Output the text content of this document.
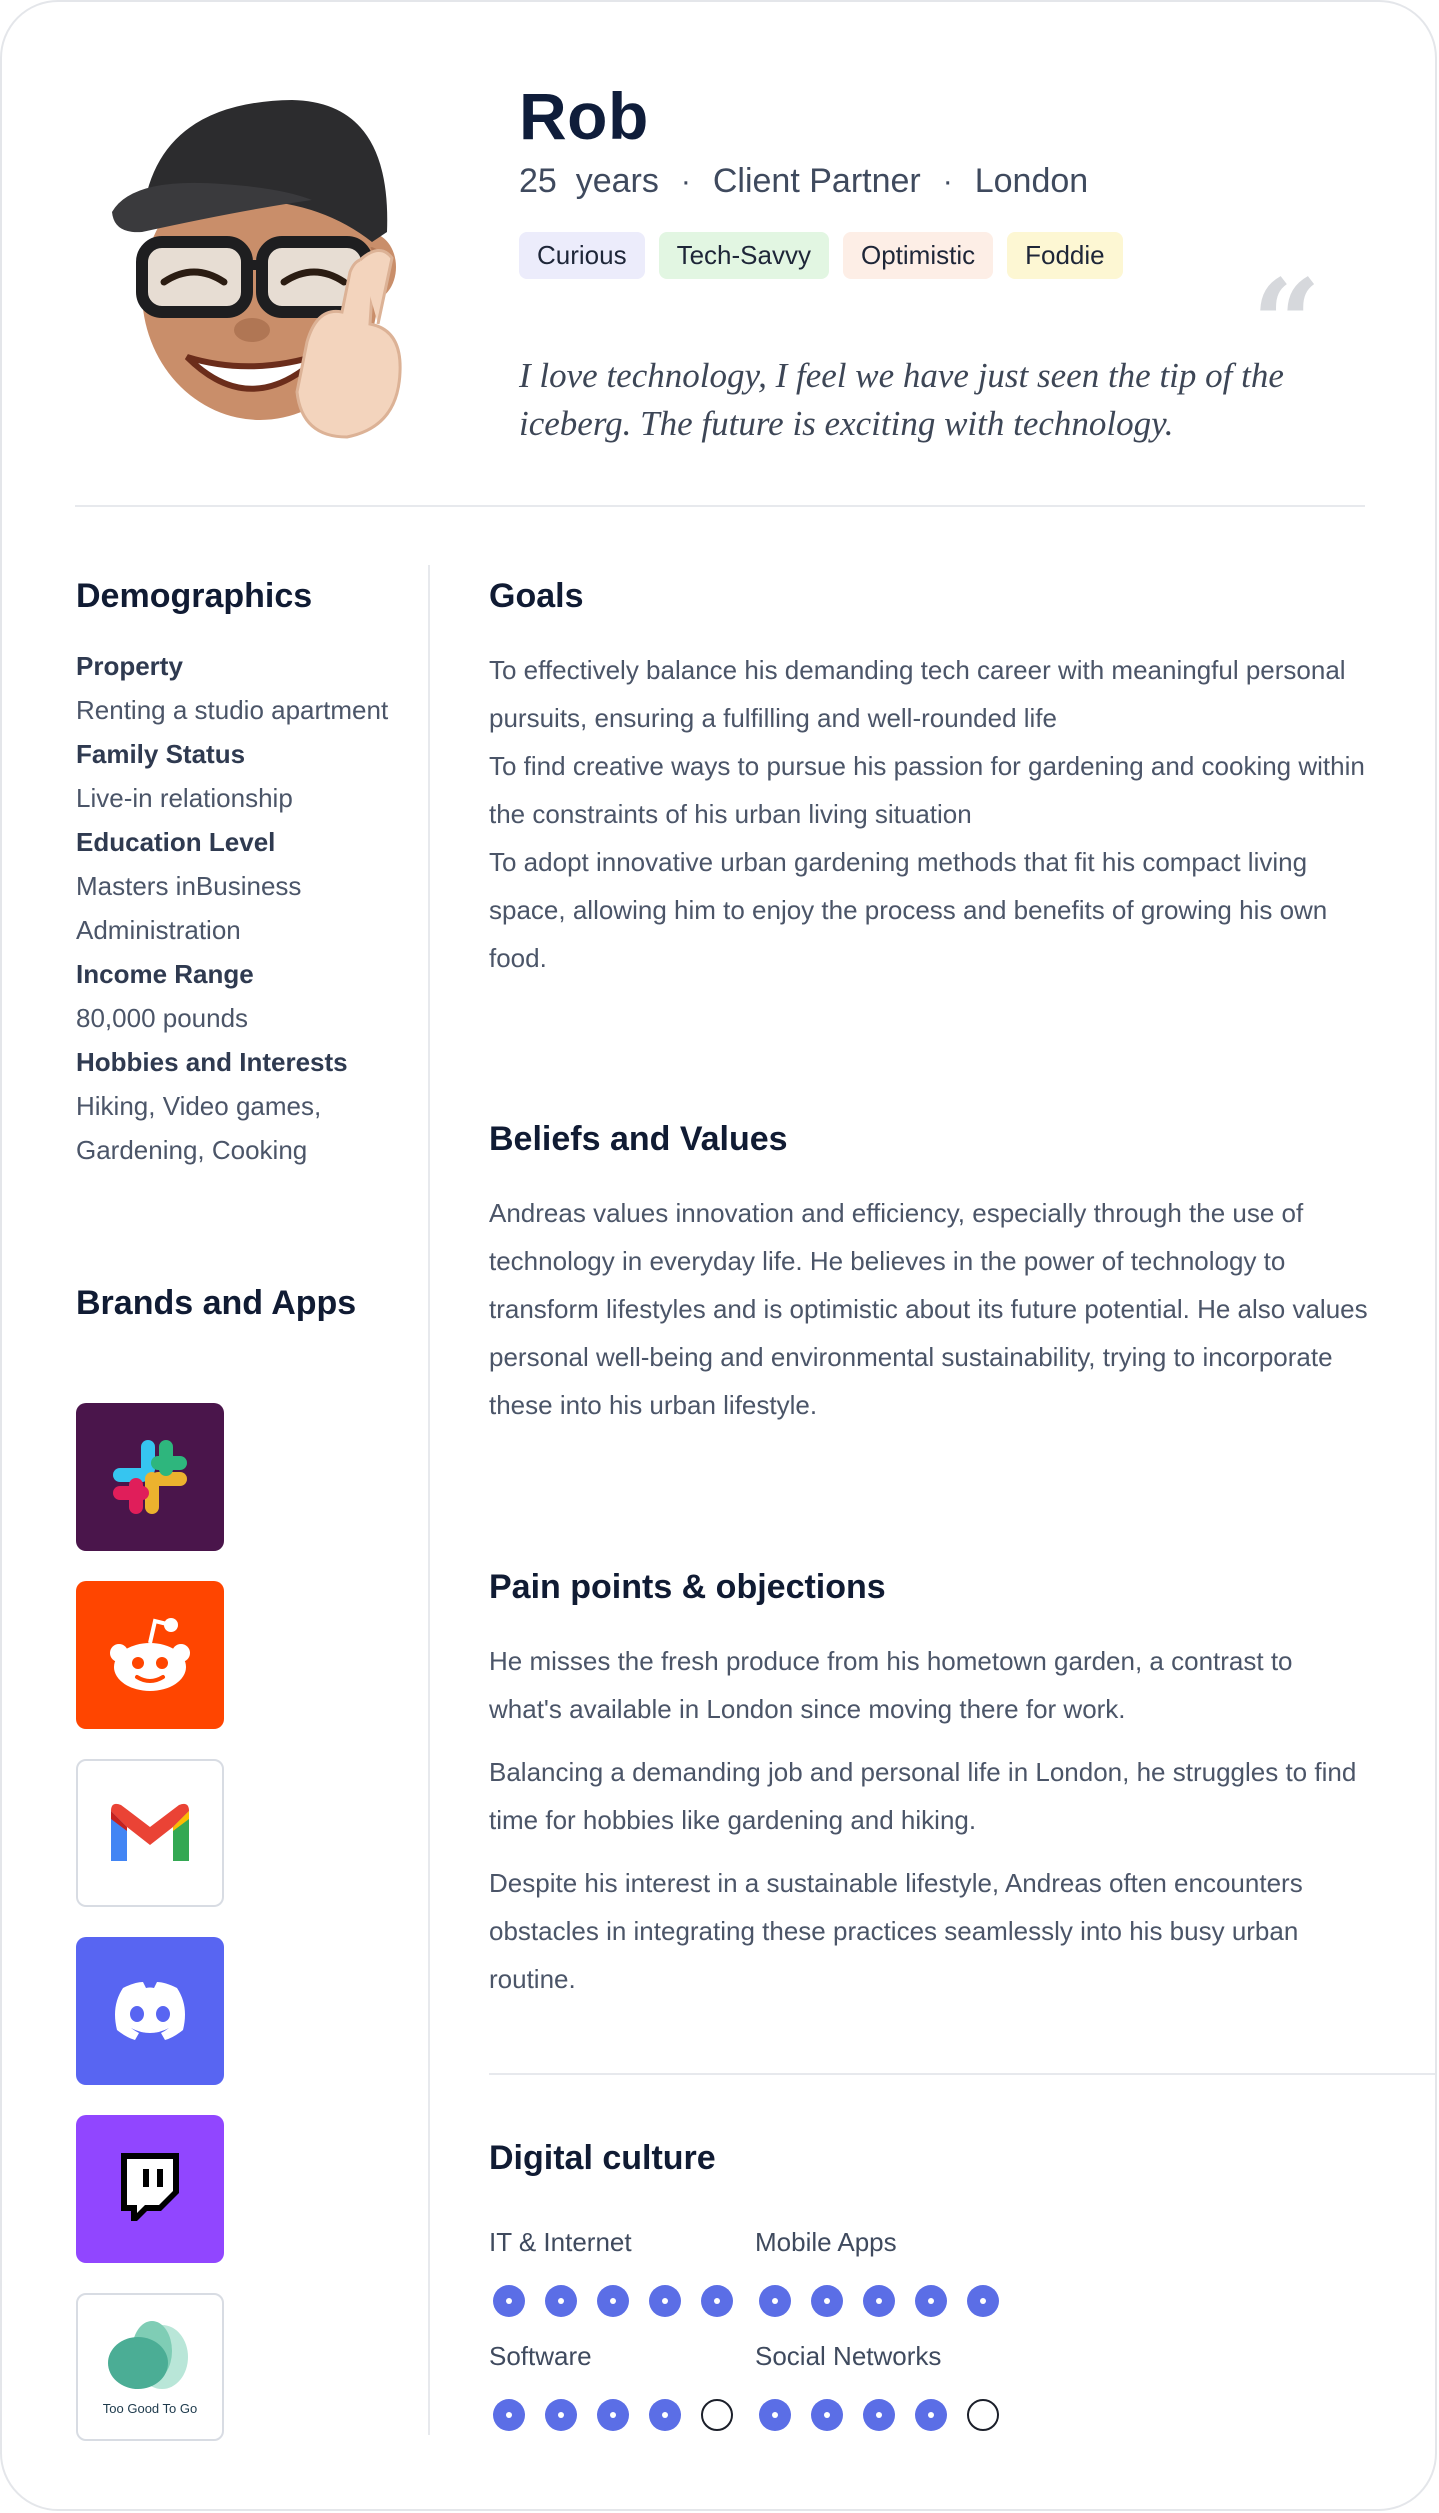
Rob
25  years · Client Partner · London
Curious	Tech-Savvy	Optimistic	Foddie “
I love technology, I feel we have just seen the tip of the iceberg. The future is exciting with technology.
Demographics
Property
Renting a studio apartment
Family Status
Live-in relationship
Education Level
Masters inBusiness Administration
Income Range
80,000 pounds
Hobbies and Interests
Hiking, Video games, Gardening, Cooking
Brands and Apps
Too Good To Go
Goals
To effectively balance his demanding tech career with meaningful personal pursuits, ensuring a fulfilling and well-rounded life
To find creative ways to pursue his passion for gardening and cooking within the constraints of his urban living situation
To adopt innovative urban gardening methods that fit his compact living space, allowing him to enjoy the process and benefits of growing his own food.
Beliefs and Values
Andreas values innovation and efficiency, especially through the use of technology in everyday life. He believes in the power of technology to transform lifestyles and is optimistic about its future potential. He also values personal well-being and environmental sustainability, trying to incorporate these into his urban lifestyle.
Pain points & objections

He misses the fresh produce from his hometown garden, a contrast to what's available in London since moving there for work.

Balancing a demanding job and personal life in London, he struggles to find time for hobbies like gardening and hiking.

Despite his interest in a sustainable lifestyle, Andreas often encounters obstacles in integrating these practices seamlessly into his busy urban routine.

Digital culture
IT & Internet	Mobile Apps
Software	Social Networks
